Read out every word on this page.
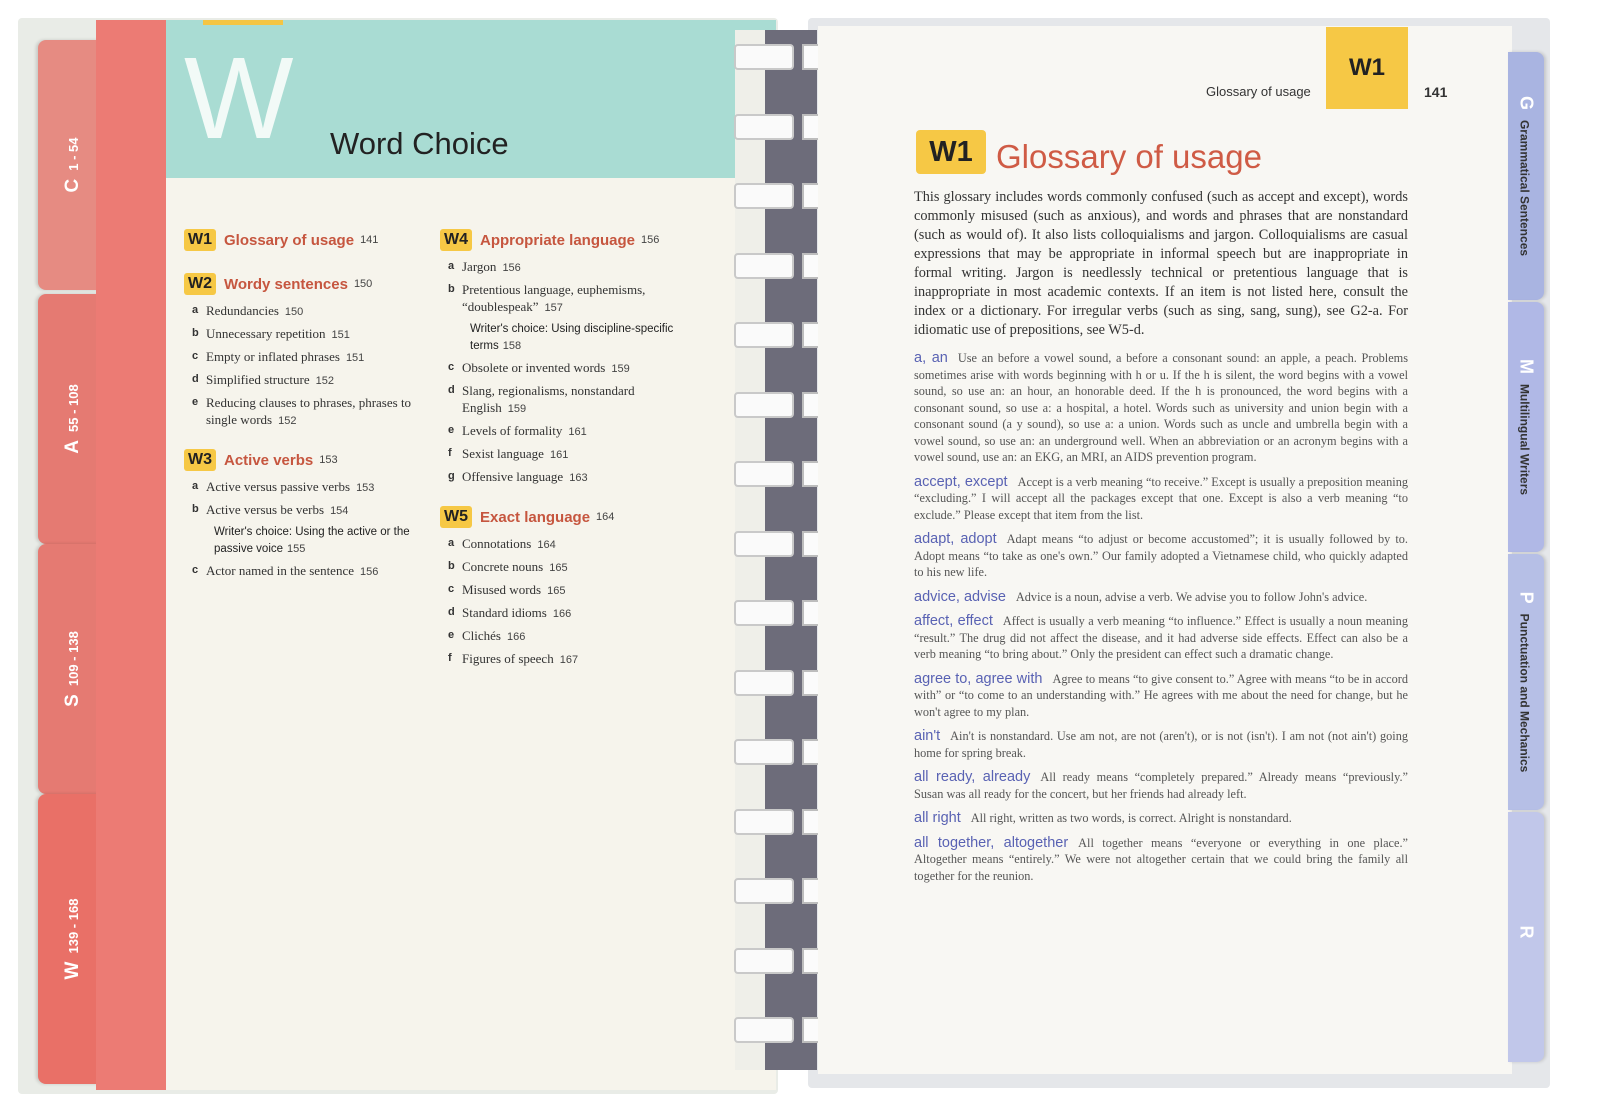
C1 - 54
A55 - 108
S109 - 138
W139 - 168
W Word Choice
W1 Glossary of usage 141
W2 Wordy sentences 150
a Redundancies 150
b Unnecessary repetition 151
c Empty or inflated phrases 151
d Simplified structure 152
e Reducing clauses to phrases, phrases to single words 152
W3 Active verbs 153
a Active versus passive verbs 153
b Active versus be verbs 154
Writer's choice: Using the active or the passive voice 155
c Actor named in the sentence 156
W4 Appropriate language 156
a Jargon 156
b Pretentious language, euphemisms, “doublespeak” 157
Writer's choice: Using discipline-specific terms 158
c Obsolete or invented words 159
d Slang, regionalisms, nonstandard English 159
e Levels of formality 161
f Sexist language 161
g Offensive language 163
W5 Exact language 164
a Connotations 164
b Concrete nouns 165
c Misused words 165
d Standard idioms 166
e Clichés 166
f Figures of speech 167
GGrammatical Sentences
MMultilingual Writers
PPunctuation and Mechanics
R
Glossary of usage
W1
141
W1 Glossary of usage

This glossary includes words commonly confused (such as accept and except), words commonly misused (such as anxious), and words and phrases that are nonstandard (such as would of). It also lists colloquialisms and jargon. Colloquialisms are casual expressions that may be appropriate in informal speech but are inappropriate in formal writing. Jargon is needlessly technical or pretentious language that is inappropriate in most academic contexts. If an item is not listed here, consult the index or a dictionary. For irregular verbs (such as sing, sang, sung), see G2-a. For idiomatic use of prepositions, see W5-d.

a, an Use an before a vowel sound, a before a consonant sound: an apple, a peach. Problems sometimes arise with words beginning with h or u. If the h is silent, the word begins with a vowel sound, so use an: an hour, an honorable deed. If the h is pronounced, the word begins with a consonant sound, so use a: a hospital, a hotel. Words such as university and union begin with a consonant sound (a y sound), so use a: a union. Words such as uncle and umbrella begin with a vowel sound, so use an: an underground well. When an abbreviation or an acronym begins with a vowel sound, use an: an EKG, an MRI, an AIDS prevention program.

accept, except Accept is a verb meaning “to receive.” Except is usually a preposition meaning “excluding.” I will accept all the packages except that one. Except is also a verb meaning “to exclude.” Please except that item from the list.

adapt, adopt Adapt means “to adjust or become accustomed”; it is usually followed by to. Adopt means “to take as one's own.” Our family adopted a Vietnamese child, who quickly adapted to his new life.

advice, advise Advice is a noun, advise a verb. We advise you to follow John's advice.

affect, effect Affect is usually a verb meaning “to influence.” Effect is usually a noun meaning “result.” The drug did not affect the disease, and it had adverse side effects. Effect can also be a verb meaning “to bring about.” Only the president can effect such a dramatic change.

agree to, agree with Agree to means “to give consent to.” Agree with means “to be in accord with” or “to come to an understanding with.” He agrees with me about the need for change, but he won't agree to my plan.

ain't Ain't is nonstandard. Use am not, are not (aren't), or is not (isn't). I am not (not ain't) going home for spring break.

all ready, already All ready means “completely prepared.” Already means “previously.” Susan was all ready for the concert, but her friends had already left.

all right All right, written as two words, is correct. Alright is nonstandard.

all together, altogether All together means “everyone or everything in one place.” Altogether means “entirely.” We were not altogether certain that we could bring the family all together for the reunion.
